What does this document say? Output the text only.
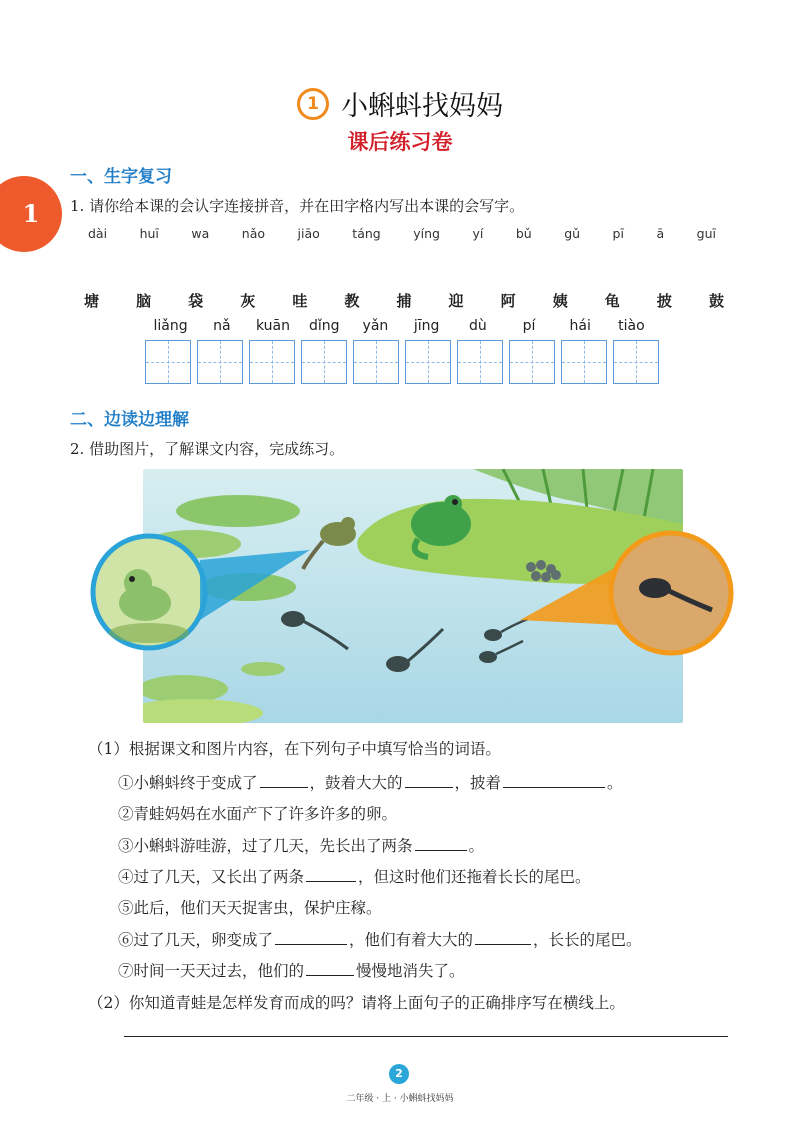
1 小蝌蚪找妈妈
课后练习卷
1
一、生字复习
1. 请你给本课的会认字连接拼音，并在田字格内写出本课的会写字。
dài	huī	wa	nǎo	jiāo	táng	yíng	yí	bǔ	gǔ	pī	ā	guī
塘 脑 袋 灰 哇 教 捕 迎 阿 姨 龟 披 鼓
liǎng	nǎ	kuān	dǐng	yǎn	jīng	dù	pí	hái	tiào
二、边读边理解
2. 借助图片，了解课文内容，完成练习。
（1）根据课文和图片内容，在下列句子中填写恰当的词语。
①小蝌蚪终于变成了	，鼓着大大的	，披着	。
②青蛙妈妈在水面产下了许多许多的卵。
③小蝌蚪游哇游，过了几天，先长出了两条	。
④过了几天，又长出了两条	，但这时他们还拖着长长的尾巴。
⑤此后，他们天天捉害虫，保护庄稼。
⑥过了几天，卵变成了	，他们有着大大的	，长长的尾巴。
⑦时间一天天过去，他们的	慢慢地消失了。
（2）你知道青蛙是怎样发育而成的吗？请将上面句子的正确排序写在横线上。
2
二年级 · 上 · 小蝌蚪找妈妈
